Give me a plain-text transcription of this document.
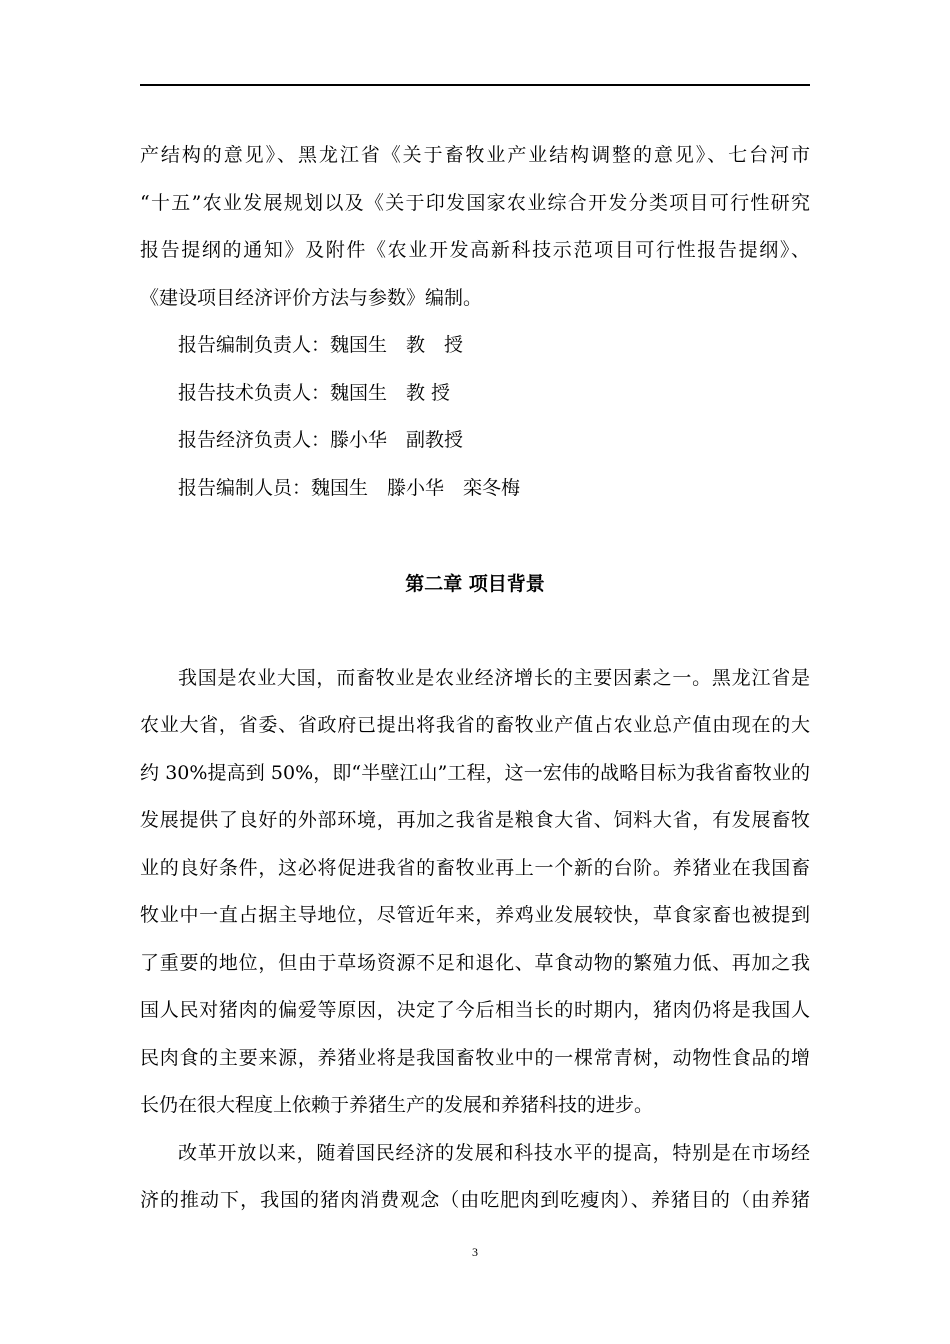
产结构的意见》、黑龙江省《关于畜牧业产业结构调整的意见》、七台河市
“十五”农业发展规划以及《关于印发国家农业综合开发分类项目可行性研究
报告提纲的通知》及附件《农业开发高新科技示范项目可行性报告提纲》、
《建设项目经济评价方法与参数》编制。
报告编制负责人：魏国生　教　授
报告技术负责人：魏国生　教 授
报告经济负责人：滕小华　副教授
报告编制人员：魏国生　滕小华　栾冬梅
第二章 项目背景
我国是农业大国，而畜牧业是农业经济增长的主要因素之一。黑龙江省是
农业大省，省委、省政府已提出将我省的畜牧业产值占农业总产值由现在的大
约 30%提高到 50%，即“半壁江山”工程，这一宏伟的战略目标为我省畜牧业的
发展提供了良好的外部环境，再加之我省是粮食大省、饲料大省，有发展畜牧
业的良好条件，这必将促进我省的畜牧业再上一个新的台阶。养猪业在我国畜
牧业中一直占据主导地位，尽管近年来，养鸡业发展较快，草食家畜也被提到
了重要的地位，但由于草场资源不足和退化、草食动物的繁殖力低、再加之我
国人民对猪肉的偏爱等原因，决定了今后相当长的时期内，猪肉仍将是我国人
民肉食的主要来源，养猪业将是我国畜牧业中的一棵常青树，动物性食品的增
长仍在很大程度上依赖于养猪生产的发展和养猪科技的进步。
改革开放以来，随着国民经济的发展和科技水平的提高，特别是在市场经
济的推动下，我国的猪肉消费观念（由吃肥肉到吃瘦肉）、养猪目的（由养猪
3
